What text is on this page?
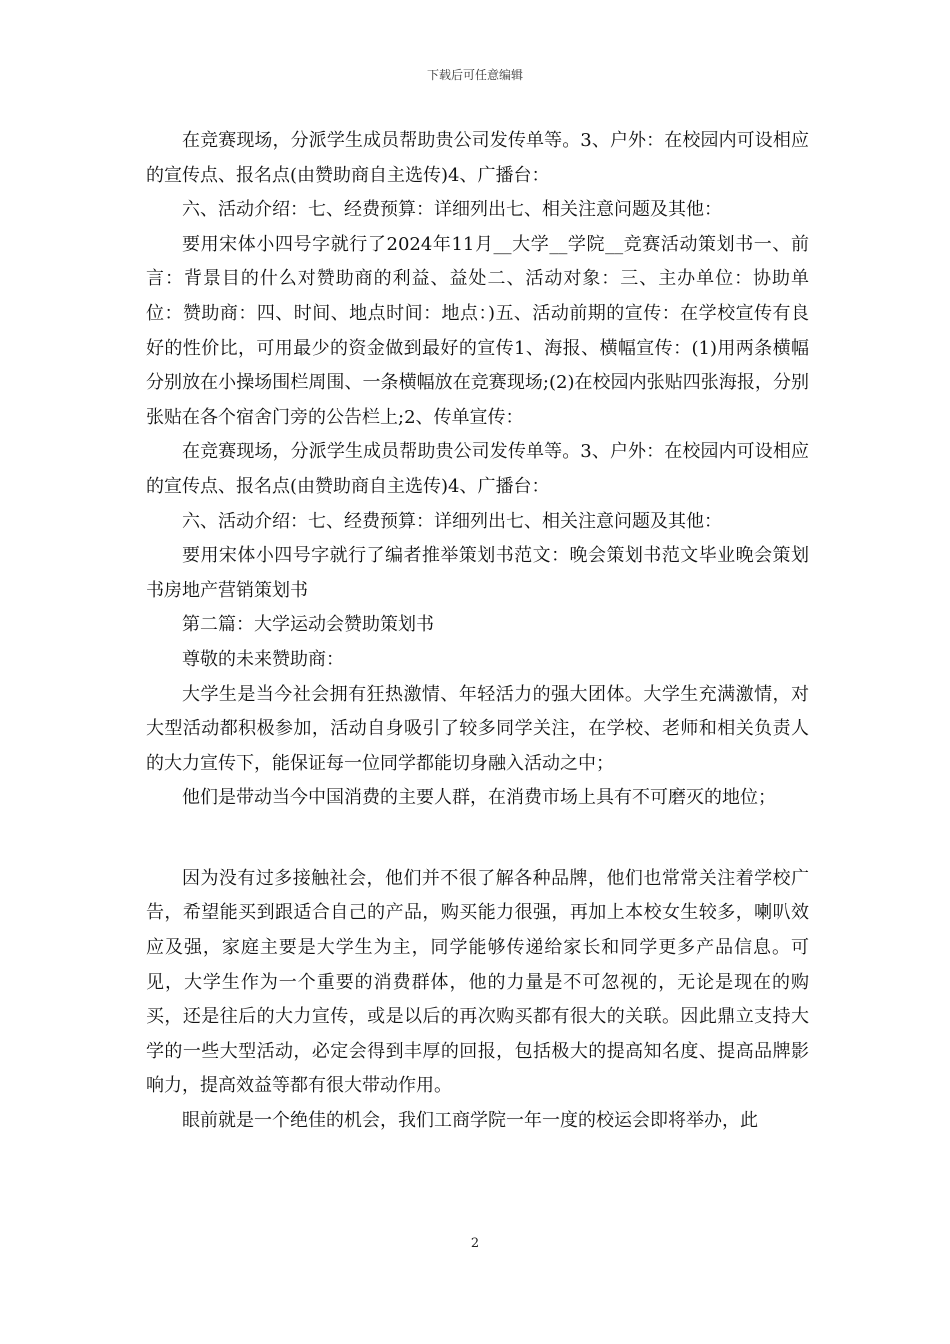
下载后可任意编辑

在竞赛现场，分派学生成员帮助贵公司发传单等。3、户外：在校园内可设相应的宣传点、报名点(由赞助商自主选传)4、广播台：

六、活动介绍：七、经费预算：详细列出七、相关注意问题及其他：

要用宋体小四号字就行了2024年11月__大学__学院__竞赛活动策划书一、前言：背景目的什么对赞助商的利益、益处二、活动对象：三、主办单位：协助单位：赞助商：四、时间、地点时间：地点：)五、活动前期的宣传：在学校宣传有良好的性价比，可用最少的资金做到最好的宣传1、海报、横幅宣传：(1)用两条横幅分别放在小操场围栏周围、一条横幅放在竞赛现场;(2)在校园内张贴四张海报，分别张贴在各个宿舍门旁的公告栏上;2、传单宣传：

在竞赛现场，分派学生成员帮助贵公司发传单等。3、户外：在校园内可设相应的宣传点、报名点(由赞助商自主选传)4、广播台：

六、活动介绍：七、经费预算：详细列出七、相关注意问题及其他：

要用宋体小四号字就行了编者推举策划书范文：晚会策划书范文毕业晚会策划书房地产营销策划书

第二篇：大学运动会赞助策划书

尊敬的未来赞助商：

大学生是当今社会拥有狂热激情、年轻活力的强大团体。大学生充满激情，对大型活动都积极参加，活动自身吸引了较多同学关注，在学校、老师和相关负责人的大力宣传下，能保证每一位同学都能切身融入活动之中；

他们是带动当今中国消费的主要人群，在消费市场上具有不可磨灭的地位；

因为没有过多接触社会，他们并不很了解各种品牌，他们也常常关注着学校广告，希望能买到跟适合自己的产品，购买能力很强，再加上本校女生较多，喇叭效应及强，家庭主要是大学生为主，同学能够传递给家长和同学更多产品信息。可见，大学生作为一个重要的消费群体，他的力量是不可忽视的，无论是现在的购买，还是往后的大力宣传，或是以后的再次购买都有很大的关联。因此鼎立支持大学的一些大型活动，必定会得到丰厚的回报，包括极大的提高知名度、提高品牌影响力，提高效益等都有很大带动作用。

眼前就是一个绝佳的机会，我们工商学院一年一度的校运会即将举办，此

2
